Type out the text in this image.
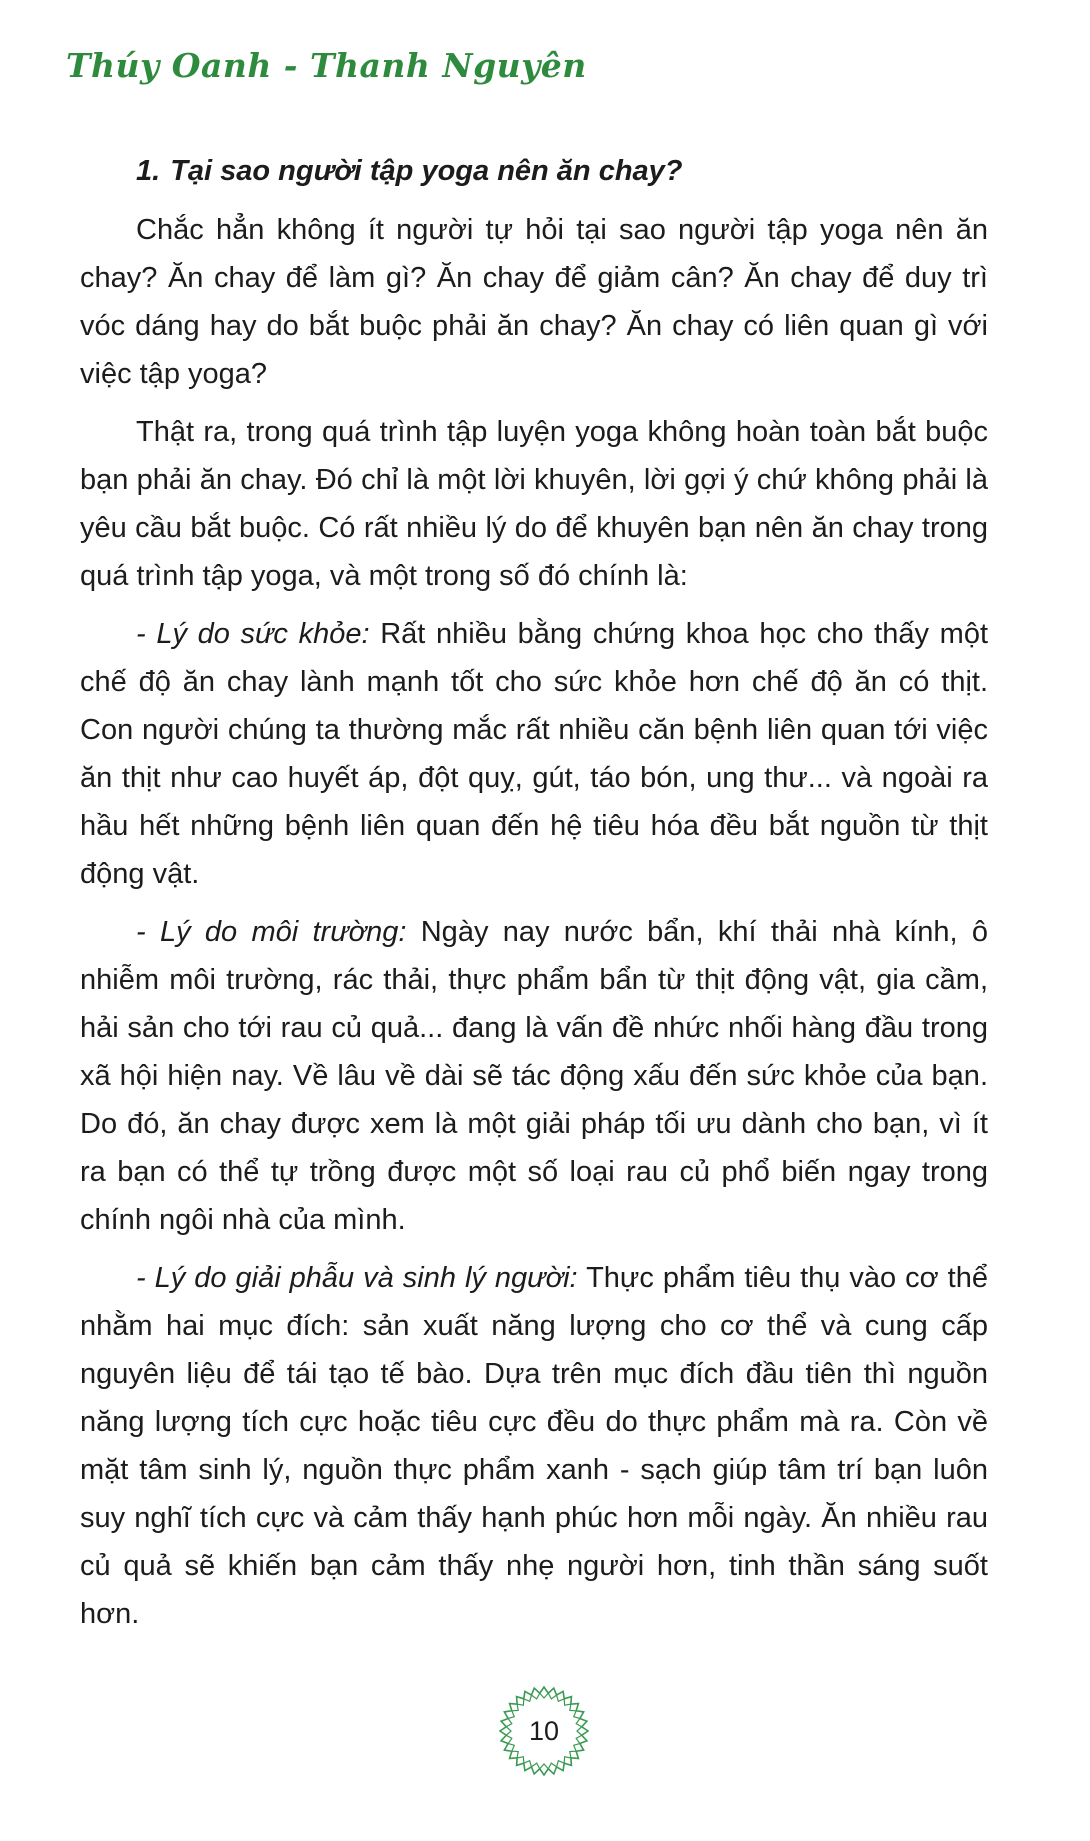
Thúy Oanh - Thanh Nguyên
1. Tại sao người tập yoga nên ăn chay?

Chắc hẳn không ít người tự hỏi tại sao người tập yoga nên ăn chay? Ăn chay để làm gì? Ăn chay để giảm cân? Ăn chay để duy trì vóc dáng hay do bắt buộc phải ăn chay? Ăn chay có liên quan gì với việc tập yoga?

Thật ra, trong quá trình tập luyện yoga không hoàn toàn bắt buộc bạn phải ăn chay. Đó chỉ là một lời khuyên, lời gợi ý chứ không phải là yêu cầu bắt buộc. Có rất nhiều lý do để khuyên bạn nên ăn chay trong quá trình tập yoga, và một trong số đó chính là:

- Lý do sức khỏe: Rất nhiều bằng chứng khoa học cho thấy một chế độ ăn chay lành mạnh tốt cho sức khỏe hơn chế độ ăn có thịt. Con người chúng ta thường mắc rất nhiều căn bệnh liên quan tới việc ăn thịt như cao huyết áp, đột quỵ, gút, táo bón, ung thư... và ngoài ra hầu hết những bệnh liên quan đến hệ tiêu hóa đều bắt nguồn từ thịt động vật.

- Lý do môi trường: Ngày nay nước bẩn, khí thải nhà kính, ô nhiễm môi trường, rác thải, thực phẩm bẩn từ thịt động vật, gia cầm, hải sản cho tới rau củ quả... đang là vấn đề nhức nhối hàng đầu trong xã hội hiện nay. Về lâu về dài sẽ tác động xấu đến sức khỏe của bạn. Do đó, ăn chay được xem là một giải pháp tối ưu dành cho bạn, vì ít ra bạn có thể tự trồng được một số loại rau củ phổ biến ngay trong chính ngôi nhà của mình.

- Lý do giải phẫu và sinh lý người: Thực phẩm tiêu thụ vào cơ thể nhằm hai mục đích: sản xuất năng lượng cho cơ thể và cung cấp nguyên liệu để tái tạo tế bào. Dựa trên mục đích đầu tiên thì nguồn năng lượng tích cực hoặc tiêu cực đều do thực phẩm mà ra. Còn về mặt tâm sinh lý, nguồn thực phẩm xanh - sạch giúp tâm trí bạn luôn suy nghĩ tích cực và cảm thấy hạnh phúc hơn mỗi ngày. Ăn nhiều rau củ quả sẽ khiến bạn cảm thấy nhẹ người hơn, tinh thần sáng suốt hơn.

10
